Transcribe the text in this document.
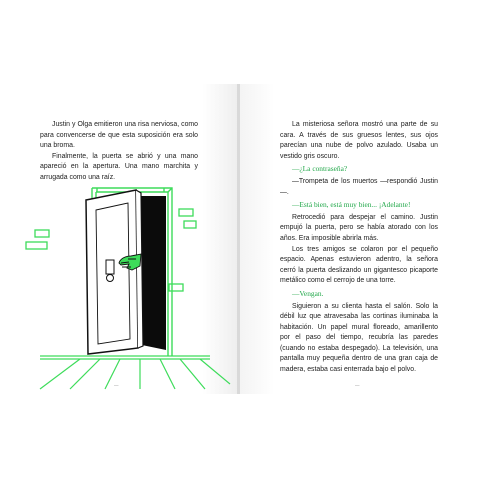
Justin y Olga emitieron una risa nerviosa, como para convencerse de que esta suposición era solo una broma.

Finalmente, la puerta se abrió y una mano apareció en la apertura. Una mano marchita y arrugada como una raíz.

—

La misteriosa señora mostró una parte de su cara. A través de sus gruesos lentes, sus ojos parecían una nube de polvo azulado. Usaba un vestido gris oscuro.

—¿La contraseña?

—Trompeta de los muertos —respondió Justin—.

—Está bien, está muy bien... ¡Adelante!

Retrocedió para despejar el camino. Justin empujó la puerta, pero se había atorado con los años. Era imposible abrirla más.

Los tres amigos se colaron por el pequeño espacio. Apenas estuvieron adentro, la señora cerró la puerta deslizando un gigantesco picaporte metálico como el cerrojo de una torre.

—Vengan.

Siguieron a su clienta hasta el salón. Solo la débil luz que atravesaba las cortinas iluminaba la habitación. Un papel mural floreado, amarillento por el paso del tiempo, recubría las paredes (cuando no estaba despegado). La televisión, una pantalla muy pequeña dentro de una gran caja de madera, estaba casi enterrada bajo el polvo.

—
